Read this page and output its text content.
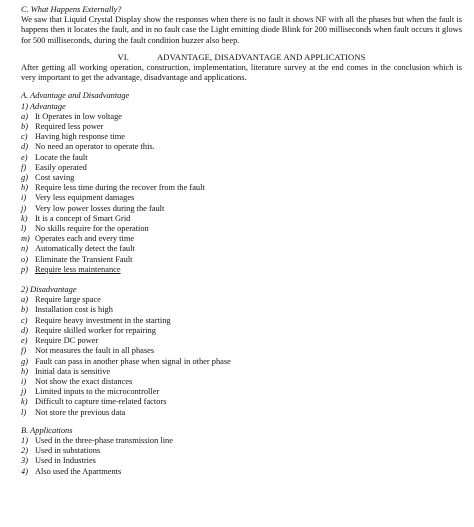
C. What Happens Externally?

We saw that Liquid Crystal Display show the responses when there is no fault it shows NF with all the phases but when the fault is happens then it locates the fault, and in no fault case the Light emitting diode Blink for 200 milliseconds when fault occurs it glows for 500 milliseconds, during the fault condition buzzer also beep.

VI.	ADVANTAGE, DISADVANTAGE AND APPLICATIONS

After getting all working operation, construction, implementation, literature survey at the end comes in the conclusion which is very important to get the advantage, disadvantage and applications.

A. Advantage and Disadvantage

1) Advantage

a) It Operates in low voltage
b) Required less power
c) Having high response time
d) No need an operator to operate this.
e) Locate the fault
f)	Easily operated
g) Cost saving
h) Require less time during the recover from the fault
i)	Very less equipment damages
j)	Very low power losses during the fault
k) It is a concept of Smart Grid
l)	No skills require for the operation
m) Operates each and every time
n) Automatically detect the fault
o) Eliminate the Transient Fault
p) Require less maintenance

2) Disadvantage

a) Require large space
b) Installation cost is high
c) Require heavy investment in the starting
d) Require skilled worker for repairing
e) Require DC power
f)	Not measures the fault in all phases
g) Fault can pass in another phase when signal in other phase
h) Initial data is sensitive
i)	Not show the exact distances
j)	Limited inputs to the microcontroller
k) Difficult to capture time-related factors
l)	Not store the previous data

B. Applications

1) Used in the three-phase transmission line
2) Used in substations
3) Used in Industries
4) Also used the Apartments
